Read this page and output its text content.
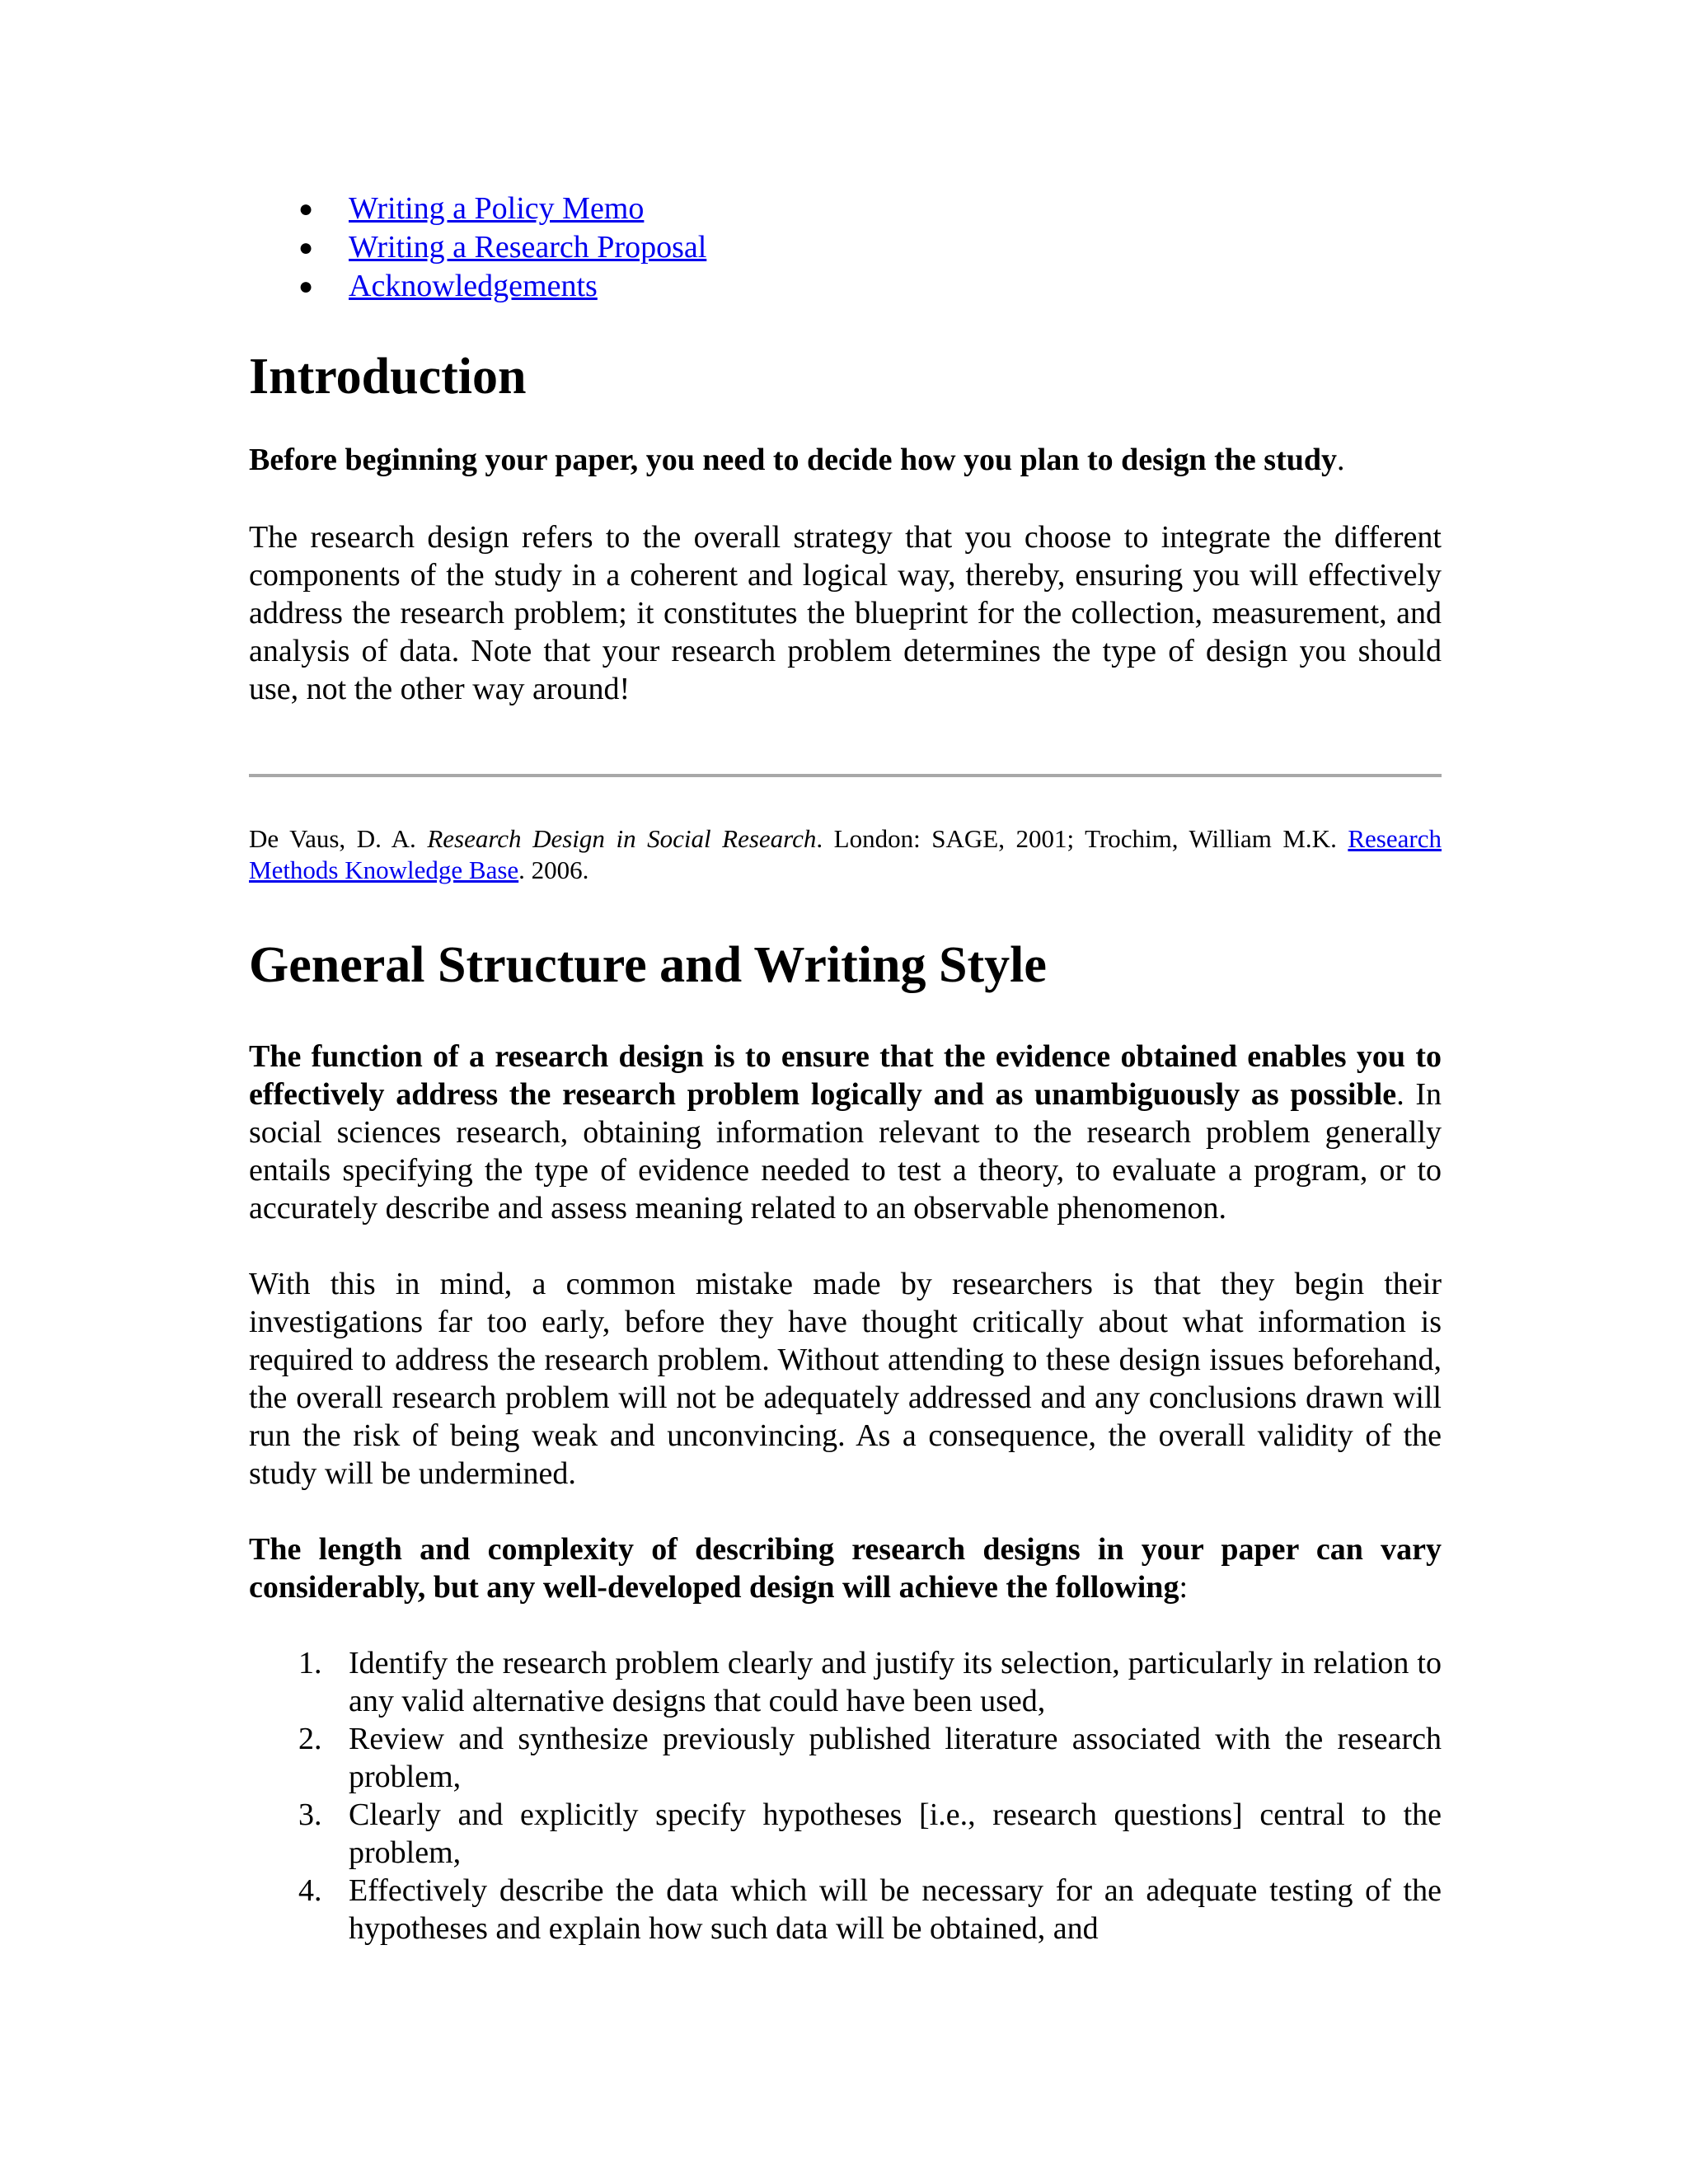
● Writing a Policy Memo
● Writing a Research Proposal
● Acknowledgements
Introduction

Before beginning your paper, you need to decide how you plan to design the study.

The research design refers to the overall strategy that you choose to integrate the different components of the study in a coherent and logical way, thereby, ensuring you will effectively address the research problem; it constitutes the blueprint for the collection, measurement, and analysis of data. Note that your research problem determines the type of design you should use, not the other way around!

De Vaus, D. A. Research Design in Social Research. London: SAGE, 2001; Trochim, William M.K. Research Methods Knowledge Base. 2006.

General Structure and Writing Style

The function of a research design is to ensure that the evidence obtained enables you to effectively address the research problem logically and as unambiguously as possible. In social sciences research, obtaining information relevant to the research problem generally entails specifying the type of evidence needed to test a theory, to evaluate a program, or to accurately describe and assess meaning related to an observable phenomenon.

With this in mind, a common mistake made by researchers is that they begin their investigations far too early, before they have thought critically about what information is required to address the research problem. Without attending to these design issues beforehand, the overall research problem will not be adequately addressed and any conclusions drawn will run the risk of being weak and unconvincing. As a consequence, the overall validity of the study will be undermined.

The length and complexity of describing research designs in your paper can vary considerably, but any well-developed design will achieve the following:

1. Identify the research problem clearly and justify its selection, particularly in relation to any valid alternative designs that could have been used,
2. Review and synthesize previously published literature associated with the research problem,
3. Clearly and explicitly specify hypotheses [i.e., research questions] central to the problem,
4. Effectively describe the data which will be necessary for an adequate testing of the hypotheses and explain how such data will be obtained, and
